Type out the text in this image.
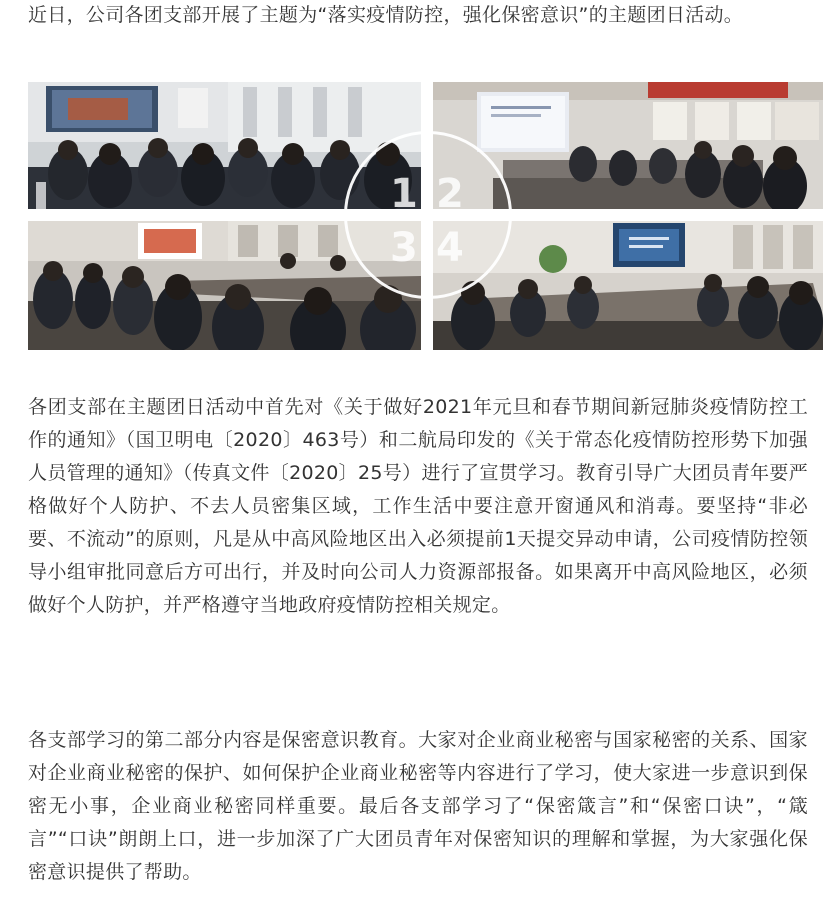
近日，公司各团支部开展了主题为“落实疫情防控，强化保密意识”的主题团日活动。

1 2
3 4

各团支部在主题团日活动中首先对《关于做好2021年元旦和春节期间新冠肺炎疫情防控工作的通知》（国卫明电〔2020〕463号）和二航局印发的《关于常态化疫情防控形势下加强人员管理的通知》（传真文件〔2020〕25号）进行了宣贯学习。教育引导广大团员青年要严格做好个人防护、不去人员密集区域，工作生活中要注意开窗通风和消毒。要坚持“非必要、不流动”的原则，凡是从中高风险地区出入必须提前1天提交异动申请，公司疫情防控领导小组审批同意后方可出行，并及时向公司人力资源部报备。如果离开中高风险地区，必须做好个人防护，并严格遵守当地政府疫情防控相关规定。

各支部学习的第二部分内容是保密意识教育。大家对企业商业秘密与国家秘密的关系、国家对企业商业秘密的保护、如何保护企业商业秘密等内容进行了学习，使大家进一步意识到保密无小事，企业商业秘密同样重要。最后各支部学习了“保密箴言”和“保密口诀”，“箴言”“口诀”朗朗上口，进一步加深了广大团员青年对保密知识的理解和掌握，为大家强化保密意识提供了帮助。
